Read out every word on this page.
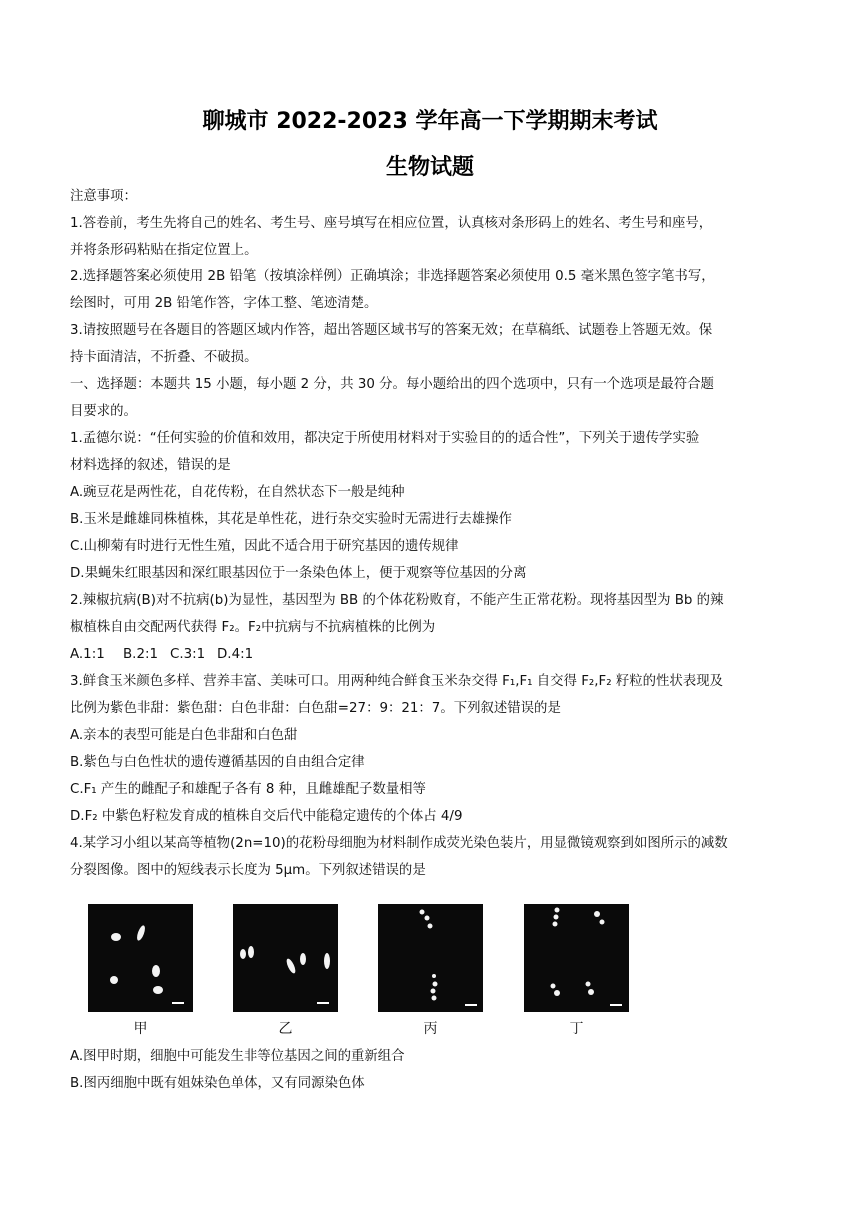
聊城市 2022-2023 学年高一下学期期末考试
生物试题
注意事项：
1.答卷前，考生先将自己的姓名、考生号、座号填写在相应位置，认真核对条形码上的姓名、考生号和座号，
并将条形码粘贴在指定位置上。
2.选择题答案必须使用 2B 铅笔（按填涂样例）正确填涂；非选择题答案必须使用 0.5 毫米黑色签字笔书写，
绘图时，可用 2B 铅笔作答，字体工整、笔迹清楚。
3.请按照题号在各题目的答题区域内作答，超出答题区域书写的答案无效；在草稿纸、试题卷上答题无效。保
持卡面清洁，不折叠、不破损。
一、选择题：本题共 15 小题，每小题 2 分，共 30 分。每小题给出的四个选项中，只有一个选项是最符合题
目要求的。
1.孟德尔说：“任何实验的价值和效用，都决定于所使用材料对于实验目的的适合性”，下列关于遗传学实验
材料选择的叙述，错误的是
A.豌豆花是两性花，自花传粉，在自然状态下一般是纯种
B.玉米是雌雄同株植株，其花是单性花，进行杂交实验时无需进行去雄操作
C.山柳菊有时进行无性生殖，因此不适合用于研究基因的遗传规律
D.果蝇朱红眼基因和深红眼基因位于一条染色体上，便于观察等位基因的分离
2.辣椒抗病(B)对不抗病(b)为显性，基因型为 BB 的个体花粉败育，不能产生正常花粉。现将基因型为 Bb 的辣
椒植株自由交配两代获得 F₂。F₂中抗病与不抗病植株的比例为
A.1:1 B.2:1 C.3:1 D.4:1
3.鲜食玉米颜色多样、营养丰富、美味可口。用两种纯合鲜食玉米杂交得 F₁,F₁ 自交得 F₂,F₂ 籽粒的性状表现及
比例为紫色非甜：紫色甜：白色非甜：白色甜=27：9：21：7。下列叙述错误的是
A.亲本的表型可能是白色非甜和白色甜
B.紫色与白色性状的遗传遵循基因的自由组合定律
C.F₁ 产生的雌配子和雄配子各有 8 种，且雌雄配子数量相等
D.F₂ 中紫色籽粒发育成的植株自交后代中能稳定遗传的个体占 4/9
4.某学习小组以某高等植物(2n=10)的花粉母细胞为材料制作成荧光染色装片，用显微镜观察到如图所示的减数
分裂图像。图中的短线表示长度为 5μm。下列叙述错误的是
甲	乙	丙	丁
A.图甲时期，细胞中可能发生非等位基因之间的重新组合
B.图丙细胞中既有姐妹染色单体，又有同源染色体
